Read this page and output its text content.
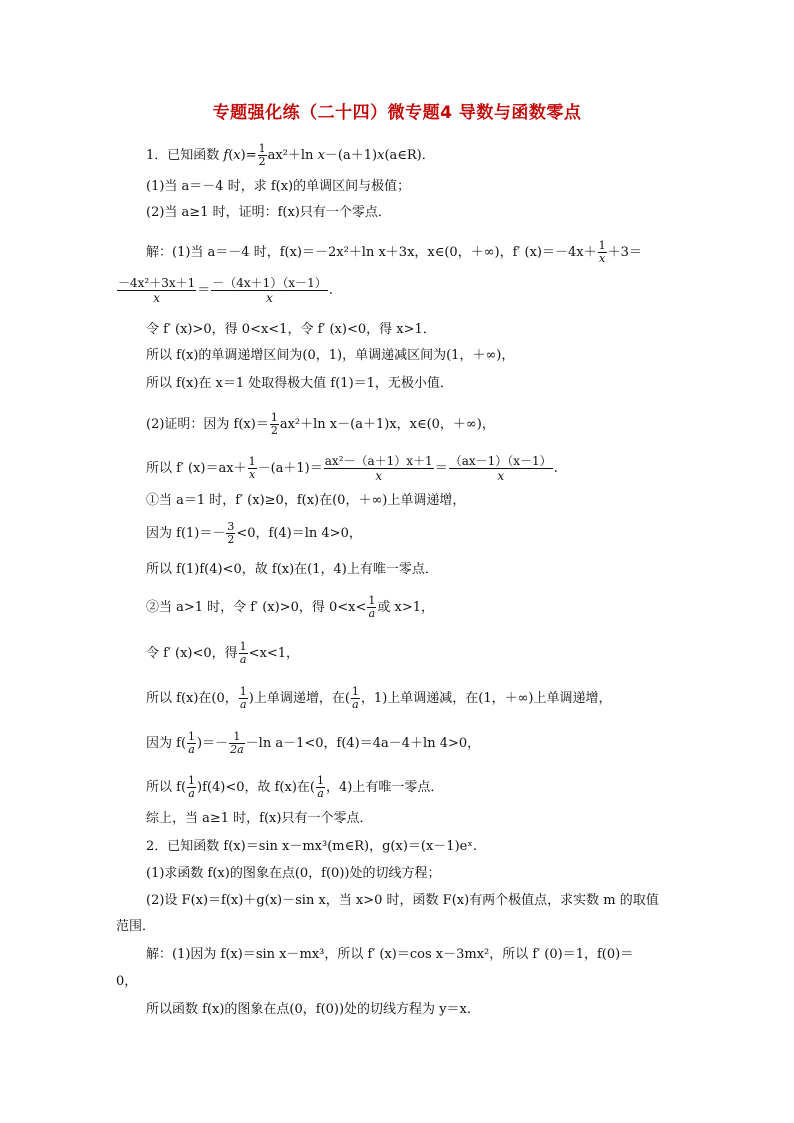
专题强化练（二十四）微专题4 导数与函数零点
1．已知函数 $f(x)= \frac{1}{2} ax^2+\ln$ x－(a＋1)x(a∈R)．
(1)当 a＝－4 时，求 f(x)的单调区间与极值；
(2)当 a≥1 时，证明：f(x)只有一个零点．
解：(1)当 a＝－4 时，f(x)＝－2x²＋ln x＋3x，x∈(0，＋∞)，f′ $(x)=-4x+ \frac{1}{x} +3=$
$\frac{\text{－4x²＋3x＋1}}{x} = \frac{-(4x+1)(x-1)}{x}$ .
令 f′ (x)>0，得 0<x<1，令 f′ (x)<0，得 x>1．
所以 f(x)的单调递增区间为(0，1)，单调递减区间为(1，＋∞)，
所以 f(x)在 x＝1 处取得极大值 f(1)＝1，无极小值．
(2)证明：因为 $f(x)= \frac{1}{2} ax^2+\ln$ x－(a＋1)x，x∈(0，＋∞)，
所以 f′ $(x)=ax+ \frac{1}{x} -(a+1)= \frac{\text{ax²－（a＋1）x＋1}}{x} = \frac{(ax-1)(x-1)}{x}$ .
①当 a＝1 时，f′ (x)≥0，f(x)在(0，＋∞)上单调递增，
因为 $f(1)=- \frac{3}{2} <0$，f(4)＝ln 4>0，
所以 f(1)f(4)<0，故 f(x)在(1，4)上有唯一零点．
②当 a>1 时，令 f′ (x)>0，得 $0<x< \frac{1}{a}$ 或 x>1，
令 f′ (x)<0，得 $\frac{1}{a} <x<1$，
所以 f(x)在(0， $\frac{1}{a}$ )上单调递增，在( $\frac{1}{a}$ ，1)上单调递减，在(1，＋∞)上单调递增，
因为 $f( \frac{1}{a}$ )＝－ $\frac{1}{2a} -\ln$ a－1<0，f(4)＝4a－4＋ln 4>0，
所以 $f( \frac{1}{a} )f(4)<0$，故 f(x)在( $\frac{1}{a}$ ，4)上有唯一零点．
综上，当 a≥1 时，f(x)只有一个零点．
2．已知函数 f(x)＝sin x－mx³(m∈R)，g(x)＝(x－1)eˣ.
(1)求函数 f(x)的图象在点(0，f(0))处的切线方程；
(2)设 F(x)＝f(x)＋g(x)－sin x，当 x>0 时，函数 F(x)有两个极值点，求实数 m 的取值
范围．
解：(1)因为 f(x)＝sin x－mx³，所以 f′ (x)＝cos x－3mx²，所以 f′ (0)＝1，f(0)＝
0，
所以函数 f(x)的图象在点(0，f(0))处的切线方程为 y＝x.
